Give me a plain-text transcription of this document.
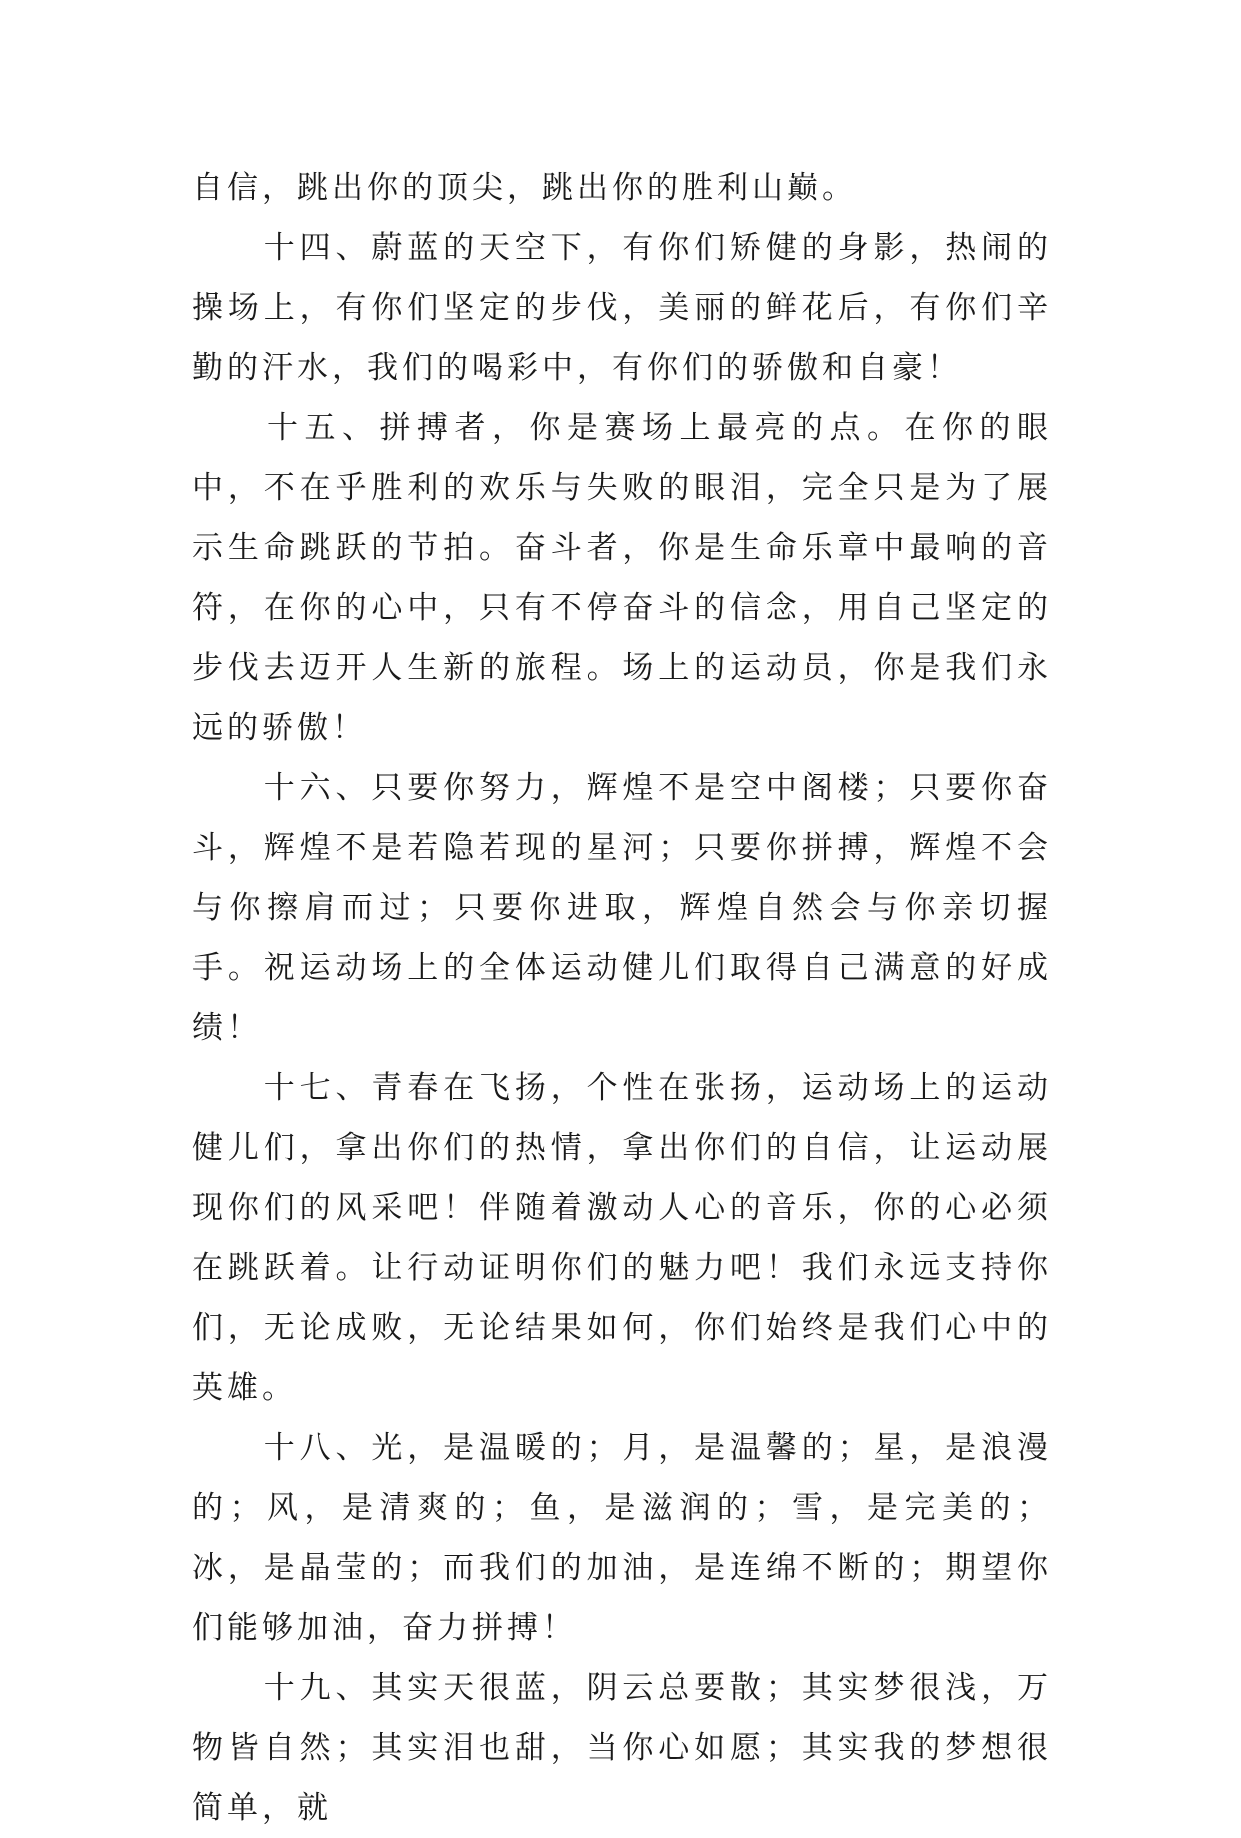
自信，跳出你的顶尖，跳出你的胜利山巅。

　　十四、蔚蓝的天空下，有你们矫健的身影，热闹的操场上，有你们坚定的步伐，美丽的鲜花后，有你们辛勤的汗水，我们的喝彩中，有你们的骄傲和自豪！

　　十五、拼搏者，你是赛场上最亮的点。在你的眼中，不在乎胜利的欢乐与失败的眼泪，完全只是为了展示生命跳跃的节拍。奋斗者，你是生命乐章中最响的音符，在你的心中，只有不停奋斗的信念，用自己坚定的步伐去迈开人生新的旅程。场上的运动员，你是我们永远的骄傲！

　　十六、只要你努力，辉煌不是空中阁楼；只要你奋斗，辉煌不是若隐若现的星河；只要你拼搏，辉煌不会与你擦肩而过；只要你进取，辉煌自然会与你亲切握手。祝运动场上的全体运动健儿们取得自己满意的好成绩！

　　十七、青春在飞扬，个性在张扬，运动场上的运动健儿们，拿出你们的热情，拿出你们的自信，让运动展现你们的风采吧！伴随着激动人心的音乐，你的心必须在跳跃着。让行动证明你们的魅力吧！我们永远支持你们，无论成败，无论结果如何，你们始终是我们心中的英雄。

　　十八、光，是温暖的；月，是温馨的；星，是浪漫的；风，是清爽的；鱼，是滋润的；雪，是完美的；冰，是晶莹的；而我们的加油，是连绵不断的；期望你们能够加油，奋力拼搏！

　　十九、其实天很蓝，阴云总要散；其实梦很浅，万物皆自然；其实泪也甜，当你心如愿；其实我的梦想很简单，就
